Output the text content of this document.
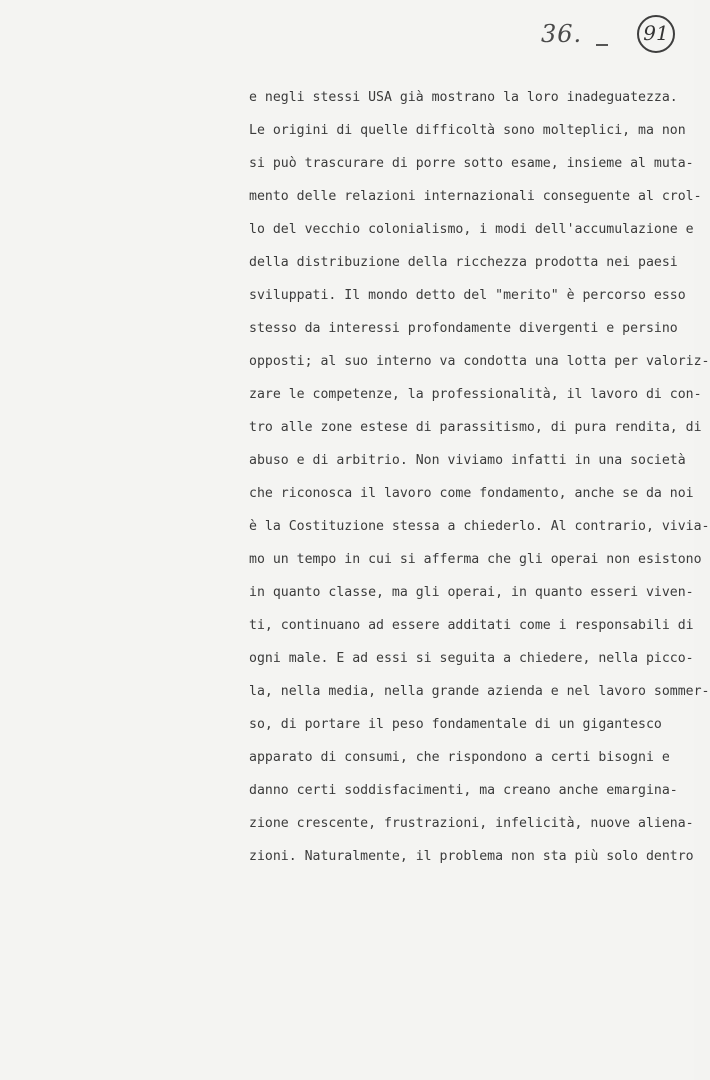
36.	91
e negli stessi USA già mostrano la loro inadeguatezza.
Le origini di quelle difficoltà sono molteplici, ma non
si può trascurare di porre sotto esame, insieme al muta-
mento delle relazioni internazionali conseguente al crol-
lo del vecchio colonialismo, i modi dell'accumulazione e
della distribuzione della ricchezza prodotta nei paesi
sviluppati. Il mondo detto del "merito" è percorso esso
stesso da interessi profondamente divergenti e persino
opposti; al suo interno va condotta una lotta per valoriz-
zare le competenze, la professionalità, il lavoro di con-
tro alle zone estese di parassitismo, di pura rendita, di
abuso e di arbitrio. Non viviamo infatti in una società
che riconosca il lavoro come fondamento, anche se da noi
è la Costituzione stessa a chiederlo. Al contrario, vivia-
mo un tempo in cui si afferma che gli operai non esistono
in quanto classe, ma gli operai, in quanto esseri viven-
ti, continuano ad essere additati come i responsabili di
ogni male. E ad essi si seguita a chiedere, nella picco-
la, nella media, nella grande azienda e nel lavoro sommer-
so, di portare il peso fondamentale di un gigantesco
apparato di consumi, che rispondono a certi bisogni e
danno certi soddisfacimenti, ma creano anche emargina-
zione crescente, frustrazioni, infelicità, nuove aliena-
zioni. Naturalmente, il problema non sta più solo dentro
